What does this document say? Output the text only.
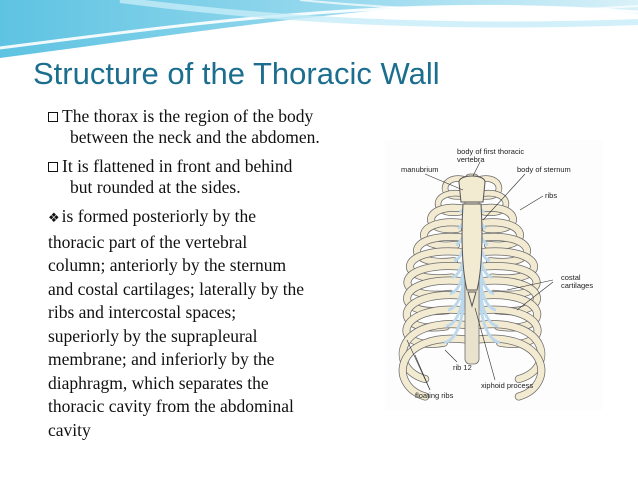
Structure of the Thoracic Wall
The thorax is the region of the body
between the neck and the abdomen.
It is flattened in front and behind
but rounded at the sides.
❖ is formed posteriorly by the
thoracic part of the vertebral
column; anteriorly by the sternum
and costal cartilages; laterally by the
ribs and intercostal spaces;
superiorly by the suprapleural
membrane; and inferiorly by the
diaphragm, which separates the
thoracic cavity from the abdominal
cavity
body of first thoracic
vertebra
manubrium	body of sternum
ribs
costal
cartilages
rib 12
xiphoid process
floating ribs
